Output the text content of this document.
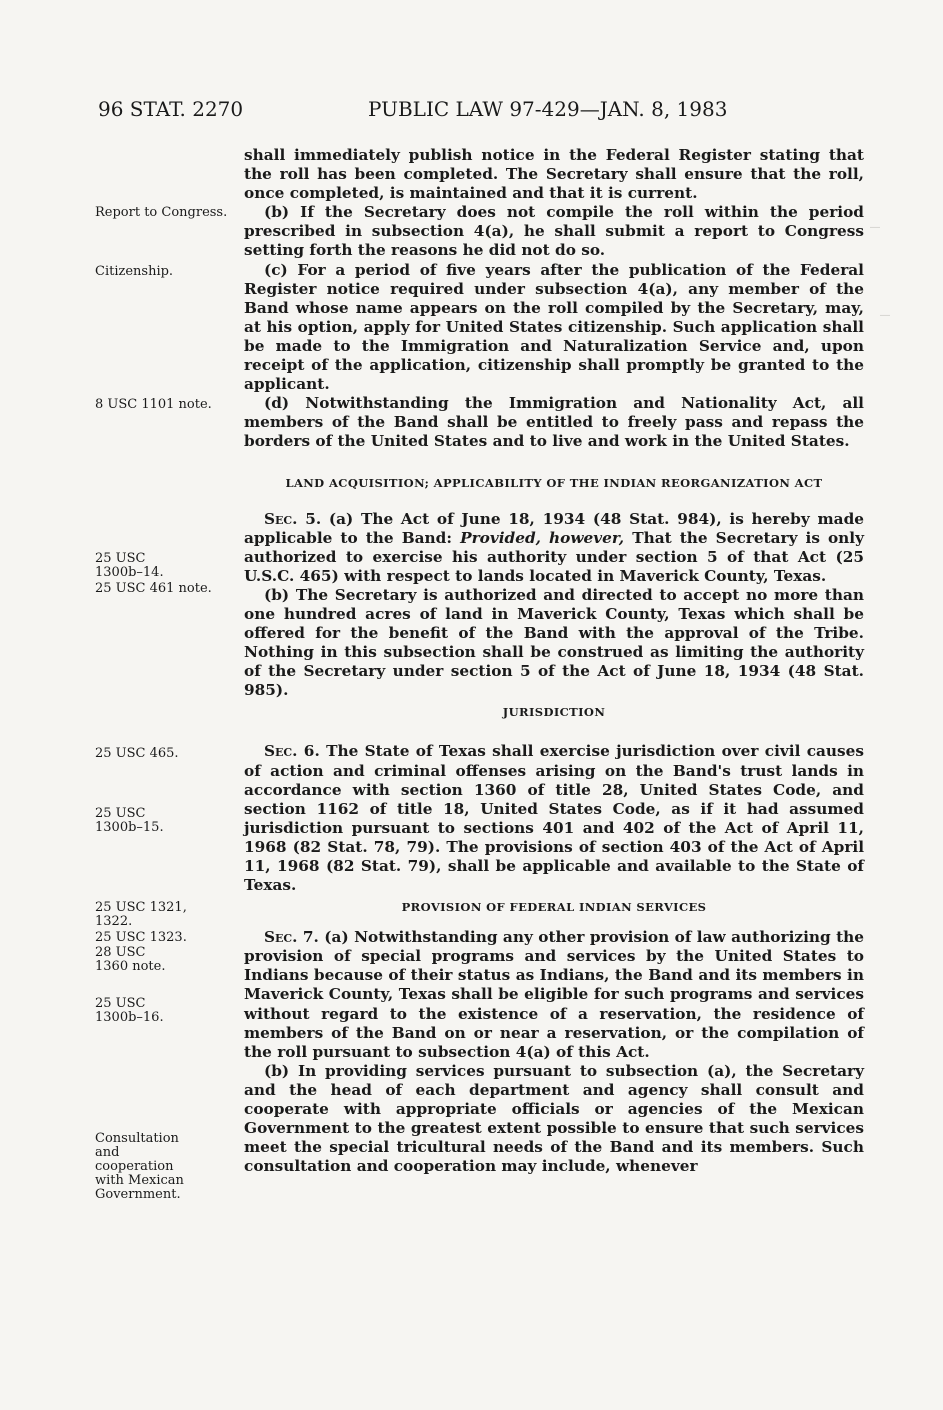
96 STAT. 2270	PUBLIC LAW 97-429—JAN. 8, 1983
Report to Congress.
Citizenship.
8 USC 1101 note.
25 USC 1300b–14.
25 USC 461 note.
25 USC 465.
25 USC 1300b–15.
25 USC 1321, 1322.
25 USC 1323.
28 USC 1360 note.
25 USC 1300b–16.
Consultation and cooperation with Mexican Government.
―
―

shall immediately publish notice in the Federal Register stating that the roll has been completed. The Secretary shall ensure that the roll, once completed, is maintained and that it is current.

(b) If the Secretary does not compile the roll within the period prescribed in subsection 4(a), he shall submit a report to Congress setting forth the reasons he did not do so.

(c) For a period of five years after the publication of the Federal Register notice required under subsection 4(a), any member of the Band whose name appears on the roll compiled by the Secretary, may, at his option, apply for United States citizenship. Such application shall be made to the Immigration and Naturalization Service and, upon receipt of the application, citizenship shall promptly be granted to the applicant.

(d) Notwithstanding the Immigration and Nationality Act, all members of the Band shall be entitled to freely pass and repass the borders of the United States and to live and work in the United States.

LAND ACQUISITION; APPLICABILITY OF THE INDIAN REORGANIZATION ACT

Sec. 5. (a) The Act of June 18, 1934 (48 Stat. 984), is hereby made applicable to the Band: Provided, however, That the Secretary is only authorized to exercise his authority under section 5 of that Act (25 U.S.C. 465) with respect to lands located in Maverick County, Texas.

(b) The Secretary is authorized and directed to accept no more than one hundred acres of land in Maverick County, Texas which shall be offered for the benefit of the Band with the approval of the Tribe. Nothing in this subsection shall be construed as limiting the authority of the Secretary under section 5 of the Act of June 18, 1934 (48 Stat. 985).

JURISDICTION

Sec. 6. The State of Texas shall exercise jurisdiction over civil causes of action and criminal offenses arising on the Band's trust lands in accordance with section 1360 of title 28, United States Code, and section 1162 of title 18, United States Code, as if it had assumed jurisdiction pursuant to sections 401 and 402 of the Act of April 11, 1968 (82 Stat. 78, 79). The provisions of section 403 of the Act of April 11, 1968 (82 Stat. 79), shall be applicable and available to the State of Texas.

PROVISION OF FEDERAL INDIAN SERVICES

Sec. 7. (a) Notwithstanding any other provision of law authorizing the provision of special programs and services by the United States to Indians because of their status as Indians, the Band and its members in Maverick County, Texas shall be eligible for such programs and services without regard to the existence of a reservation, the residence of members of the Band on or near a reservation, or the compilation of the roll pursuant to subsection 4(a) of this Act.

(b) In providing services pursuant to subsection (a), the Secretary and the head of each department and agency shall consult and cooperate with appropriate officials or agencies of the Mexican Government to the greatest extent possible to ensure that such services meet the special tricultural needs of the Band and its members. Such consultation and cooperation may include, whenever
